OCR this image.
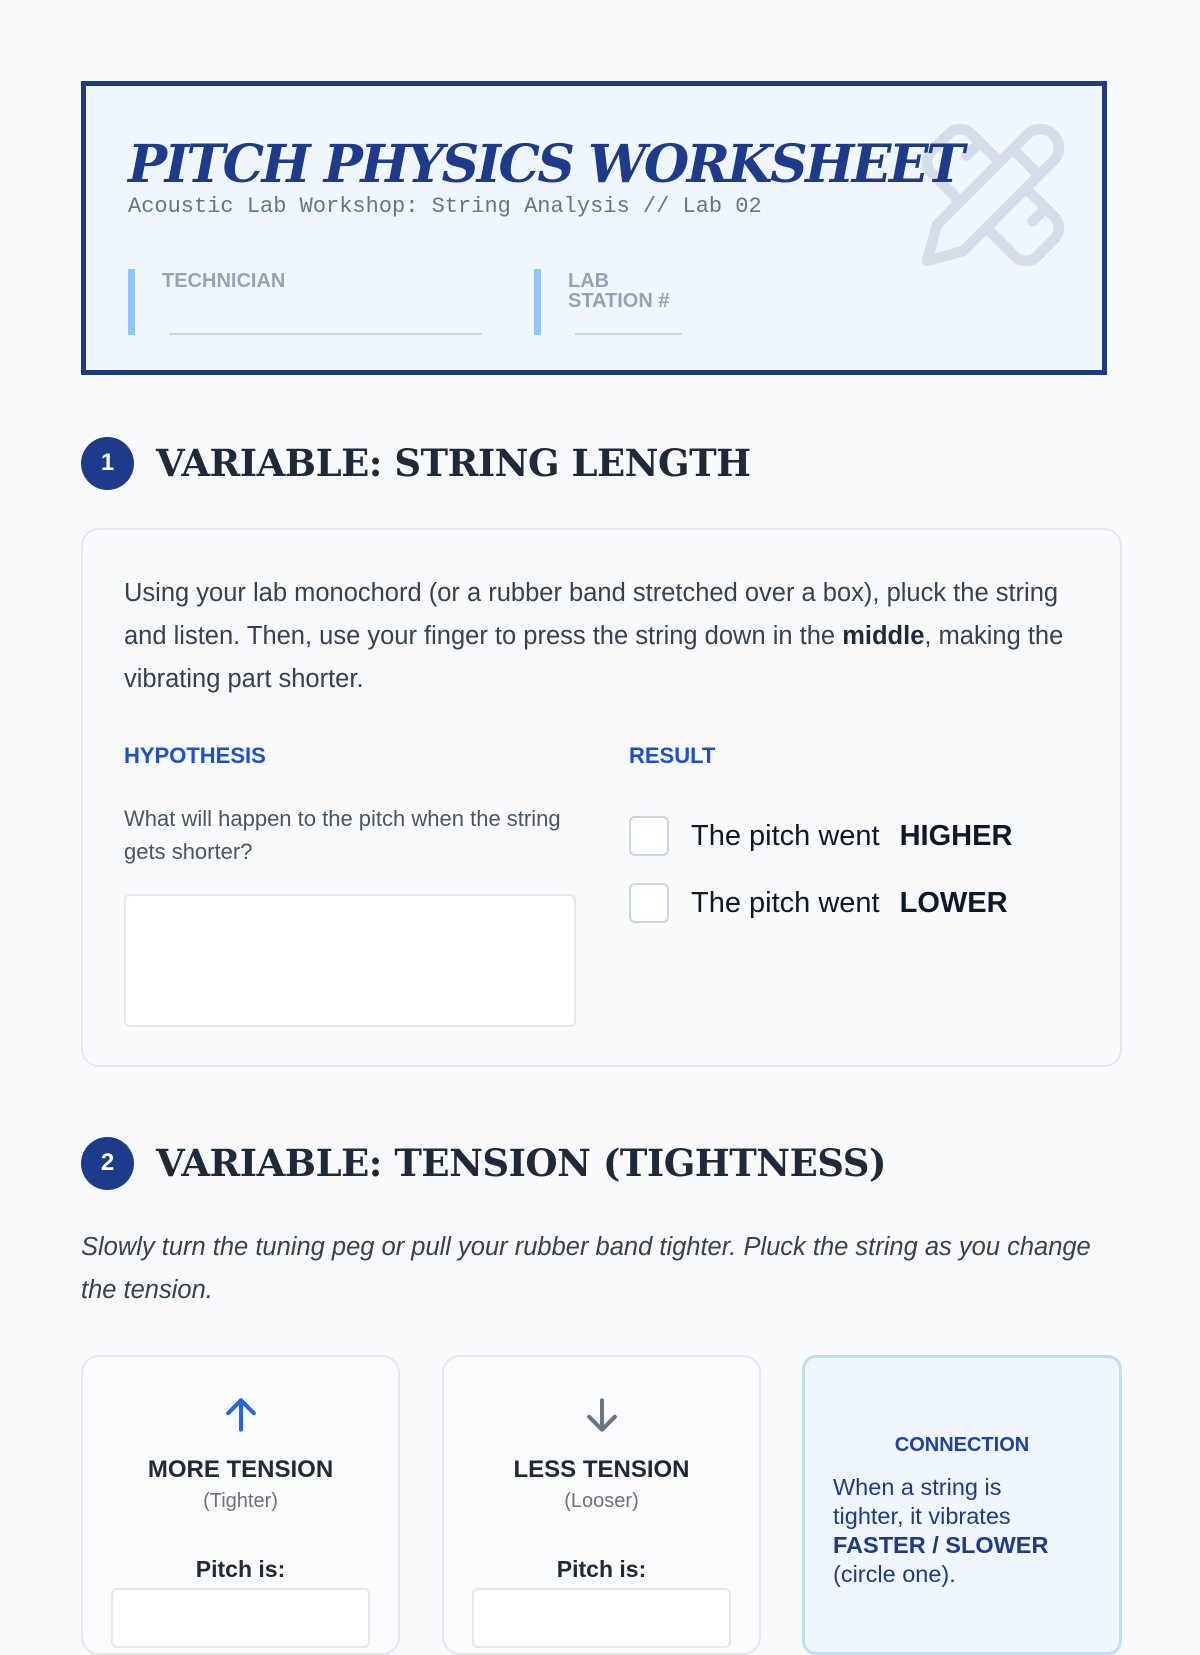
PITCH PHYSICS WORKSHEET
Acoustic Lab Workshop: String Analysis // Lab 02
TECHNICIAN	LAB STATION #
1	VARIABLE: STRING LENGTH

Using your lab monochord (or a rubber band stretched over a box), pluck the string and listen. Then, use your finger to press the string down in the middle, making the vibrating part shorter.

HYPOTHESIS

What will happen to the pitch when the string gets shorter?

RESULT
The pitch went HIGHER
The pitch went LOWER
2	VARIABLE: TENSION (TIGHTNESS)

Slowly turn the tuning peg or pull your rubber band tighter. Pluck the string as you change the tension.

MORE TENSION
(Tighter)
Pitch is:
LESS TENSION
(Looser)
Pitch is:
CONNECTION

When a string is tighter, it vibrates FASTER / SLOWER (circle one).
